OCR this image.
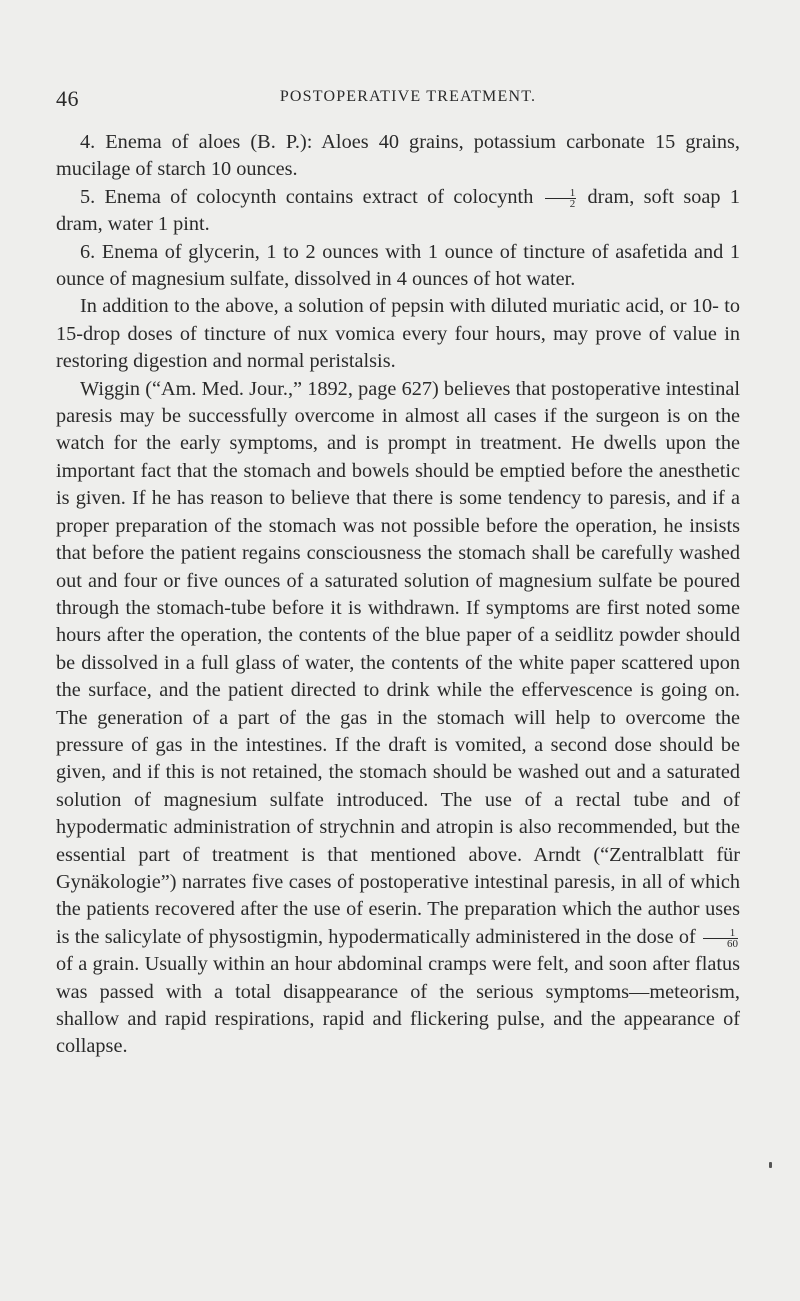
46	POSTOPERATIVE TREATMENT.

4. Enema of aloes (B. P.): Aloes 40 grains, potassium carbonate 15 grains, mucilage of starch 10 ounces.

5. Enema of colocynth contains extract of colocynth $\frac{1}{2}$ dram, soft soap 1 dram, water 1 pint.

6. Enema of glycerin, 1 to 2 ounces with 1 ounce of tincture of asafetida and 1 ounce of magnesium sulfate, dissolved in 4 ounces of hot water.

In addition to the above, a solution of pepsin with diluted muriatic acid, or 10- to 15-drop doses of tincture of nux vomica every four hours, may prove of value in restoring digestion and normal peristalsis.

Wiggin (“Am. Med. Jour.,” 1892, page 627) believes that postoperative intestinal paresis may be successfully overcome in almost all cases if the surgeon is on the watch for the early symptoms, and is prompt in treatment. He dwells upon the important fact that the stomach and bowels should be emptied before the anesthetic is given. If he has reason to believe that there is some tendency to paresis, and if a proper preparation of the stomach was not possible before the operation, he insists that before the patient regains consciousness the stomach shall be carefully washed out and four or five ounces of a saturated solution of magnesium sulfate be poured through the stomach-tube before it is withdrawn. If symptoms are first noted some hours after the operation, the contents of the blue paper of a seidlitz powder should be dissolved in a full glass of water, the contents of the white paper scattered upon the surface, and the patient directed to drink while the effervescence is going on. The generation of a part of the gas in the stomach will help to overcome the pressure of gas in the intestines. If the draft is vomited, a second dose should be given, and if this is not retained, the stomach should be washed out and a saturated solution of magnesium sulfate introduced. The use of a rectal tube and of hypodermatic administration of strychnin and atropin is also recommended, but the essential part of treatment is that mentioned above. Arndt (“Zentralblatt für Gynäkologie”) narrates five cases of postoperative intestinal paresis, in all of which the patients recovered after the use of eserin. The preparation which the author uses is the salicylate of physostigmin, hypodermatically administered in the dose of $\frac{1}{60}$
of a grain. Usually within an hour abdominal cramps were felt, and soon after flatus was passed with a total disappearance of the serious symptoms—meteorism, shallow and rapid respirations, rapid and flickering pulse, and the appearance of collapse.
